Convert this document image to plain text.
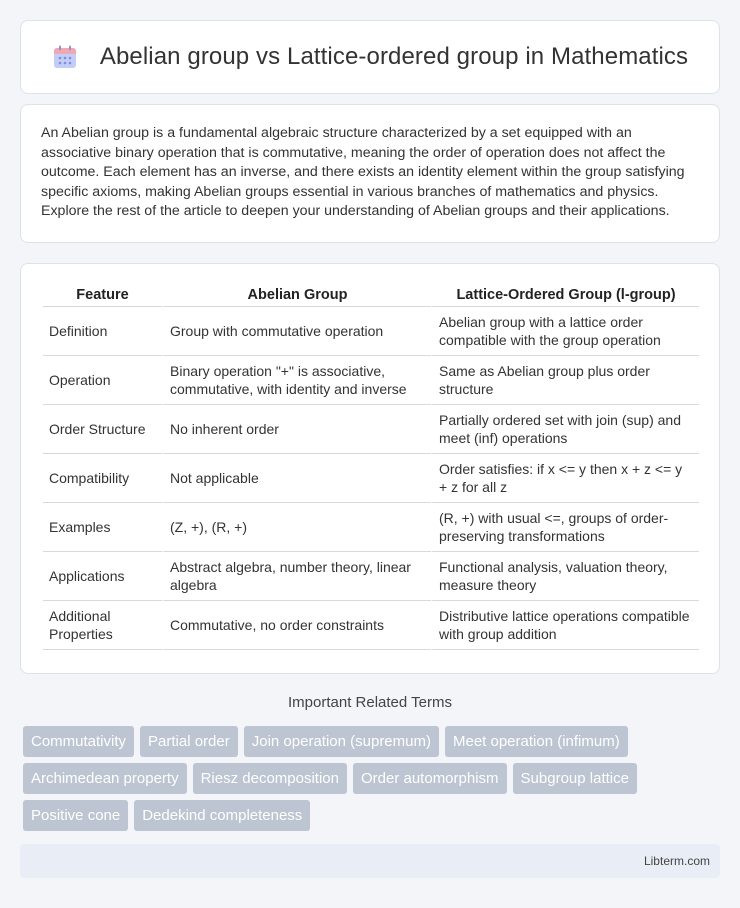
Abelian group vs Lattice-ordered group in Mathematics

An Abelian group is a fundamental algebraic structure characterized by a set equipped with an associative binary operation that is commutative, meaning the order of operation does not affect the outcome. Each element has an inverse, and there exists an identity element within the group satisfying specific axioms, making Abelian groups essential in various branches of mathematics and physics. Explore the rest of the article to deepen your understanding of Abelian groups and their applications.

Feature	Abelian Group	Lattice-Ordered Group (l-group)
Definition	Group with commutative operation	Abelian group with a lattice order compatible with the group operation
Operation	Binary operation "+" is associative, commutative, with identity and inverse	Same as Abelian group plus order structure
Order Structure	No inherent order	Partially ordered set with join (sup) and meet (inf) operations
Compatibility	Not applicable	Order satisfies: if x <= y then x + z <= y + z for all z
Examples	(Z, +), (R, +)	(R, +) with usual <=, groups of order-preserving transformations
Applications	Abstract algebra, number theory, linear algebra	Functional analysis, valuation theory, measure theory
Additional Properties	Commutative, no order constraints	Distributive lattice operations compatible with group addition
Important Related Terms
Commutativity Partial order Join operation (supremum) Meet operation (infimum)
Archimedean property Riesz decomposition Order automorphism Subgroup lattice
Positive cone Dedekind completeness
Libterm.com
